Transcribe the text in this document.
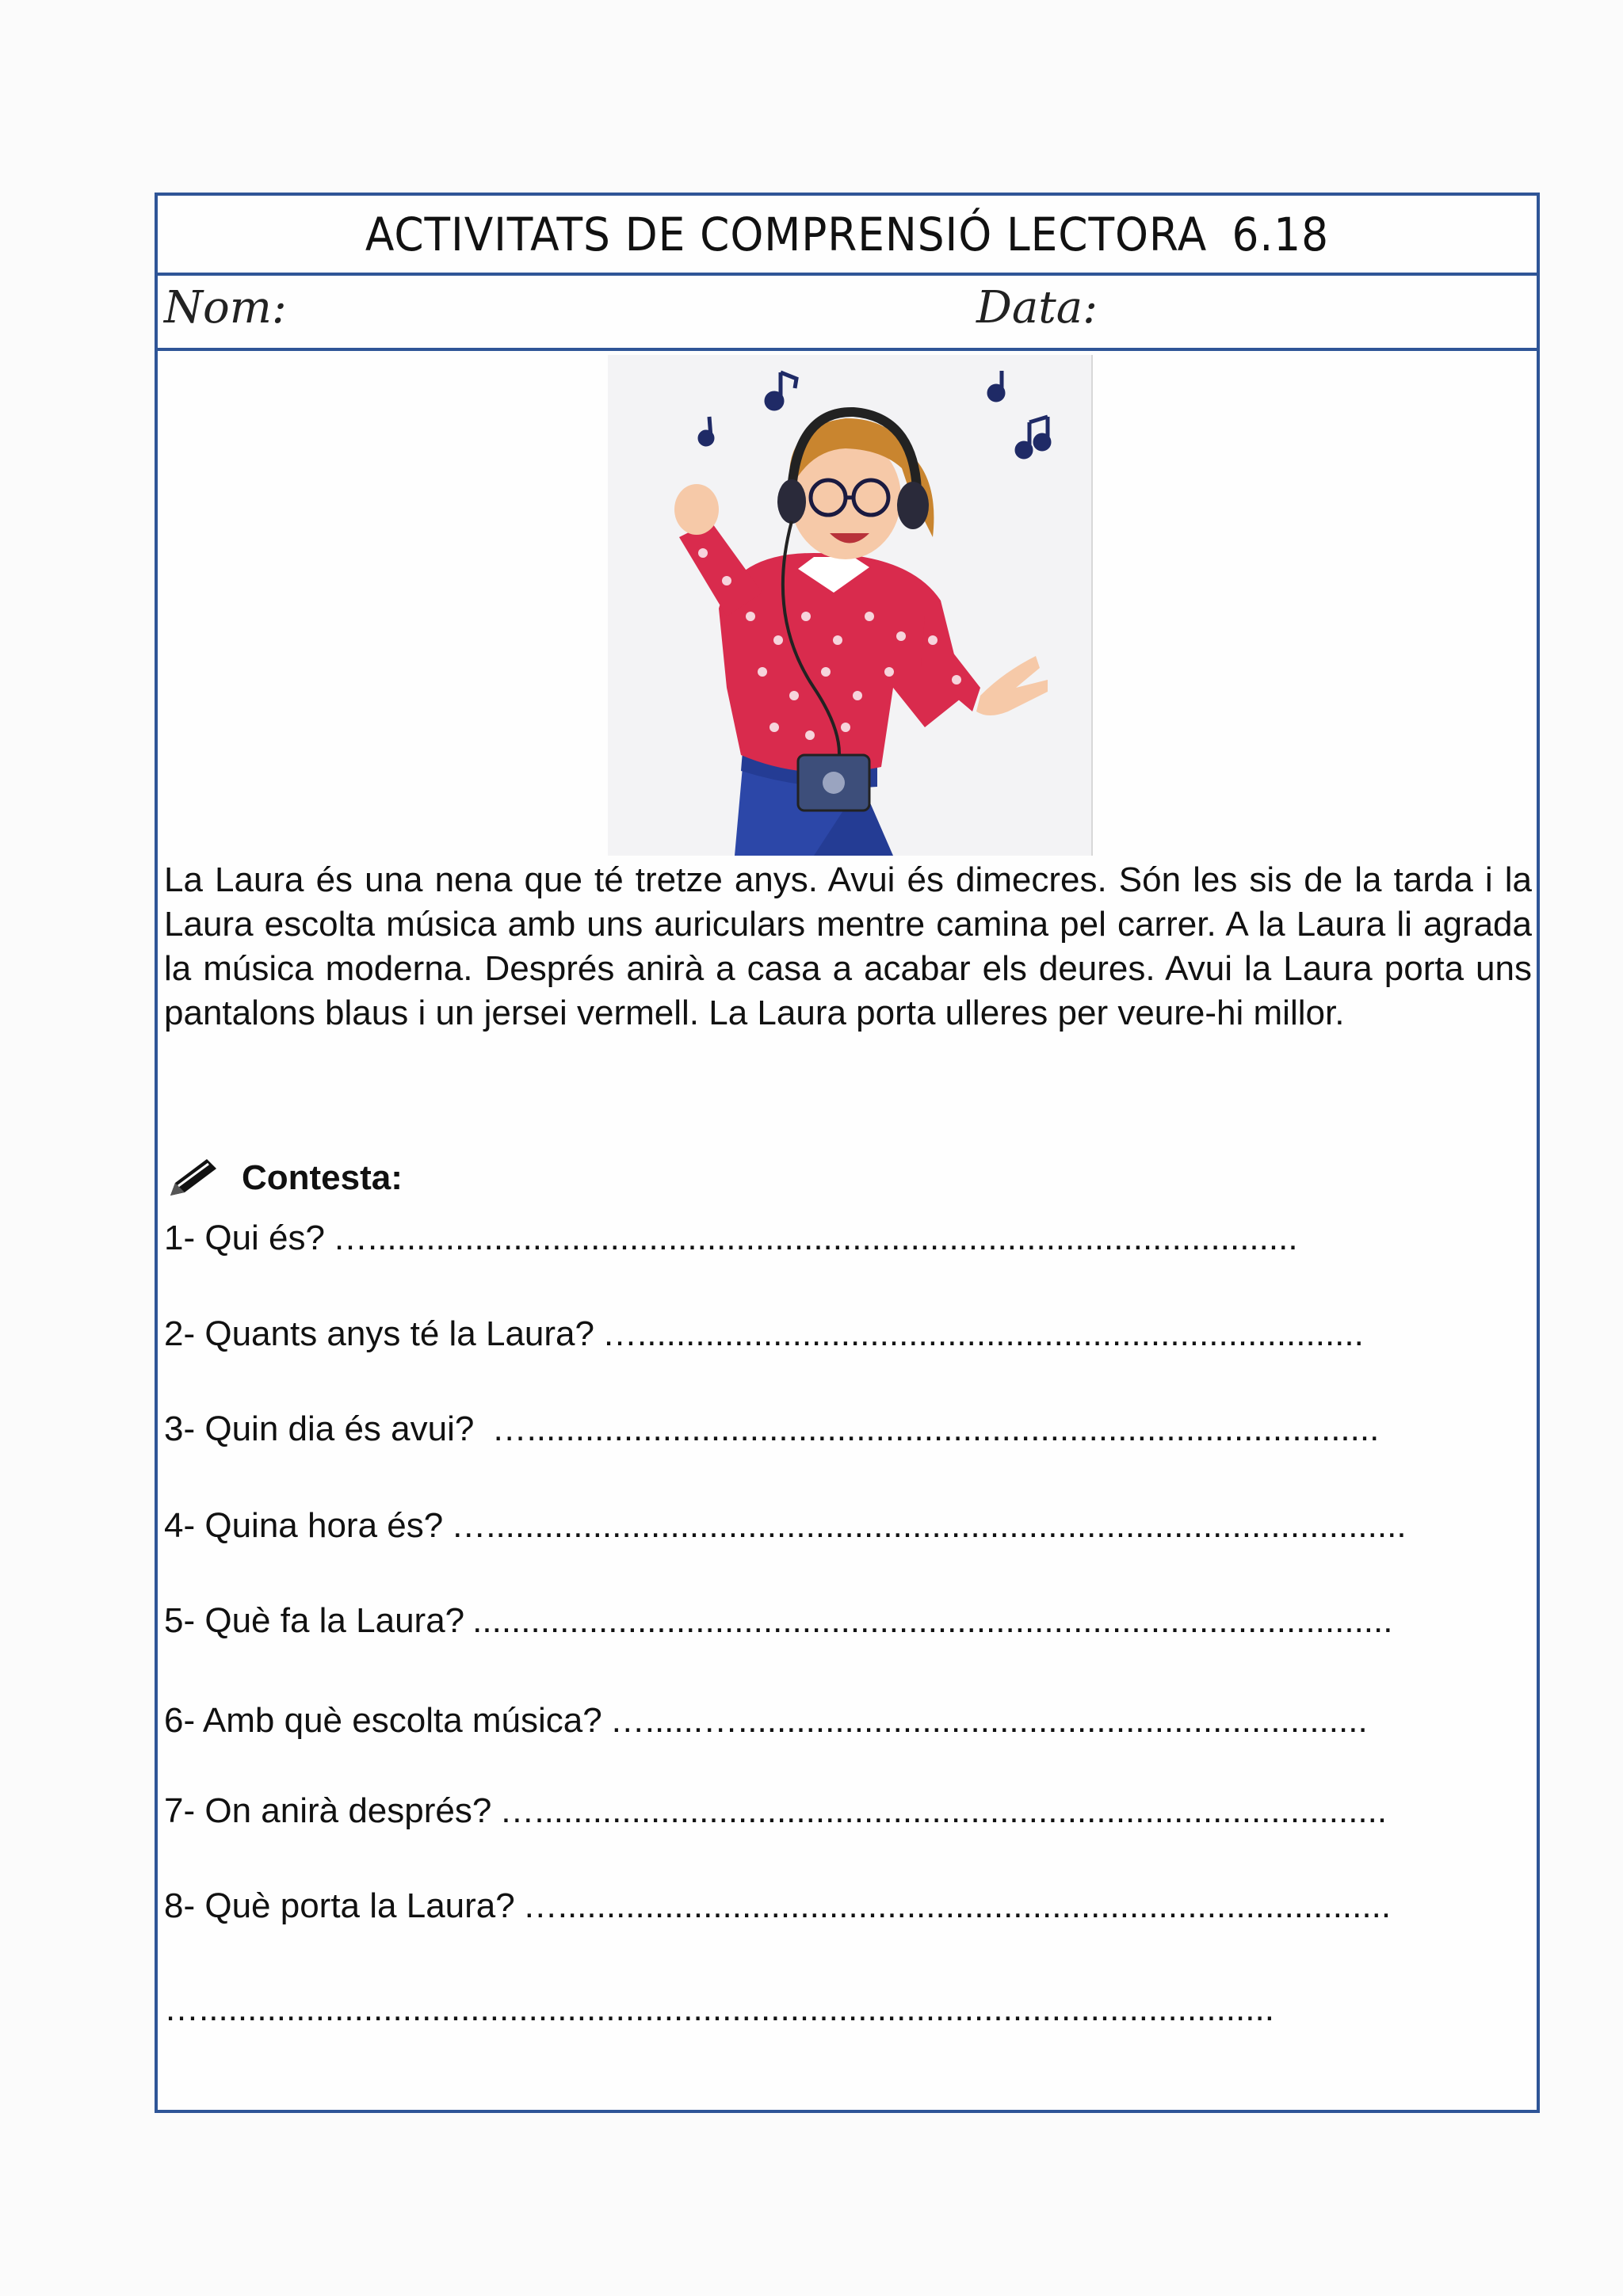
ACTIVITATS DE COMPRENSIÓ LECTORA 6.18
Nom:	Data:

La Laura és una nena que té tretze anys. Avui és dimecres. Són les sis de la tarda i la Laura escolta música amb uns auriculars mentre camina pel carrer. A la Laura li agrada la música moderna. Després anirà a casa a acabar els deures. Avui la Laura porta uns pantalons blaus i un jersei vermell. La Laura porta ulleres per veure-hi millor.

Contesta:
1- Qui és? …................................................................................................
2- Quants anys té la Laura? …...........................................................................
3- Quin dia és avui? …........................................................................................
4- Quina hora és? …...............................................................................................
5- Què fa la Laura? ...............................................................................................
6- Amb què escolta música? …......….................................................................
7- On anirà després? …........................................................................................
8- Què porta la Laura? …......................................................................................
…...............................................................................................................
